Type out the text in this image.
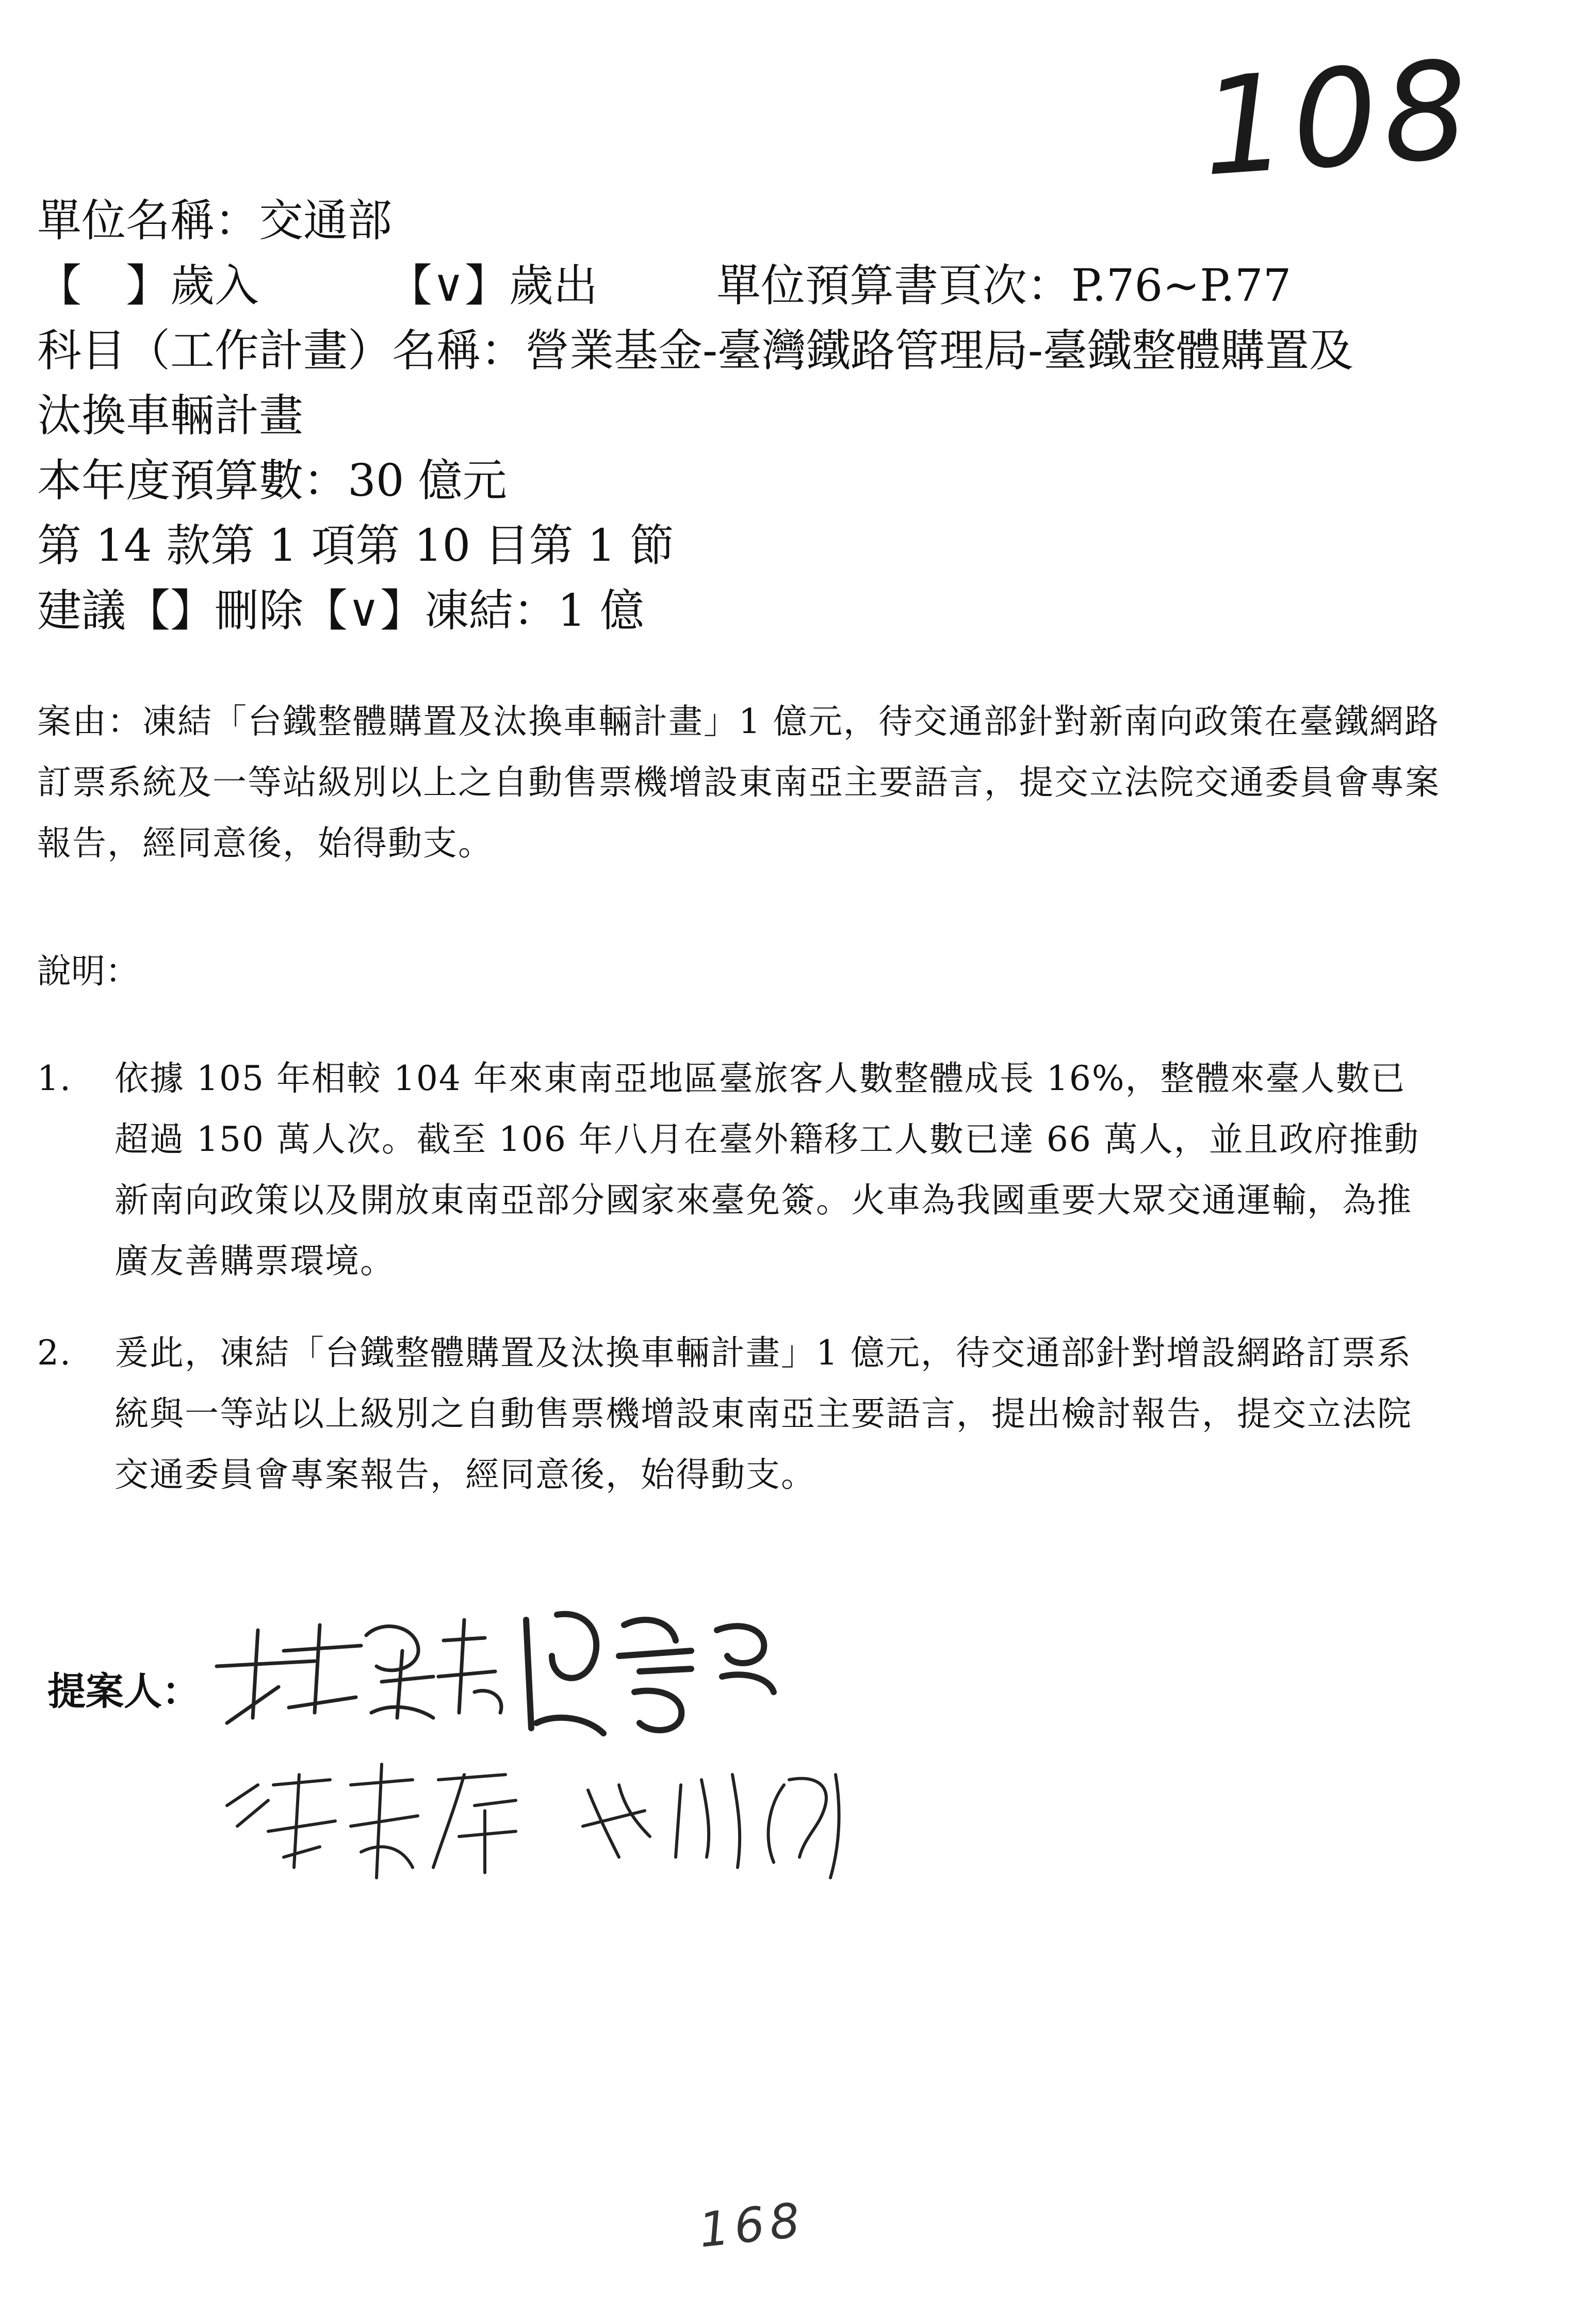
108

單位名稱：交通部

【　】歲入	【∨】歲出	單位預算書頁次：P.76~P.77

科目（工作計畫）名稱：營業基金-臺灣鐵路管理局-臺鐵整體購置及

汰換車輛計畫

本年度預算數：30 億元

第 14 款第 1 項第 10 目第 1 節

建議【】刪除【∨】凍結：1 億

案由：凍結「台鐵整體購置及汰換車輛計畫」1 億元，待交通部針對新南向政策在臺鐵網路訂票系統及一等站級別以上之自動售票機增設東南亞主要語言，提交立法院交通委員會專案報告，經同意後，始得動支。

說明：

1. 依據 105 年相較 104 年來東南亞地區臺旅客人數整體成長 16%，整體來臺人數已超過 150 萬人次。截至 106 年八月在臺外籍移工人數已達 66 萬人，並且政府推動新南向政策以及開放東南亞部分國家來臺免簽。火車為我國重要大眾交通運輸，為推廣友善購票環境。
2. 爰此，凍結「台鐵整體購置及汰換車輛計畫」1 億元，待交通部針對增設網路訂票系統與一等站以上級別之自動售票機增設東南亞主要語言，提出檢討報告，提交立法院交通委員會專案報告，經同意後，始得動支。
提案人：
168
